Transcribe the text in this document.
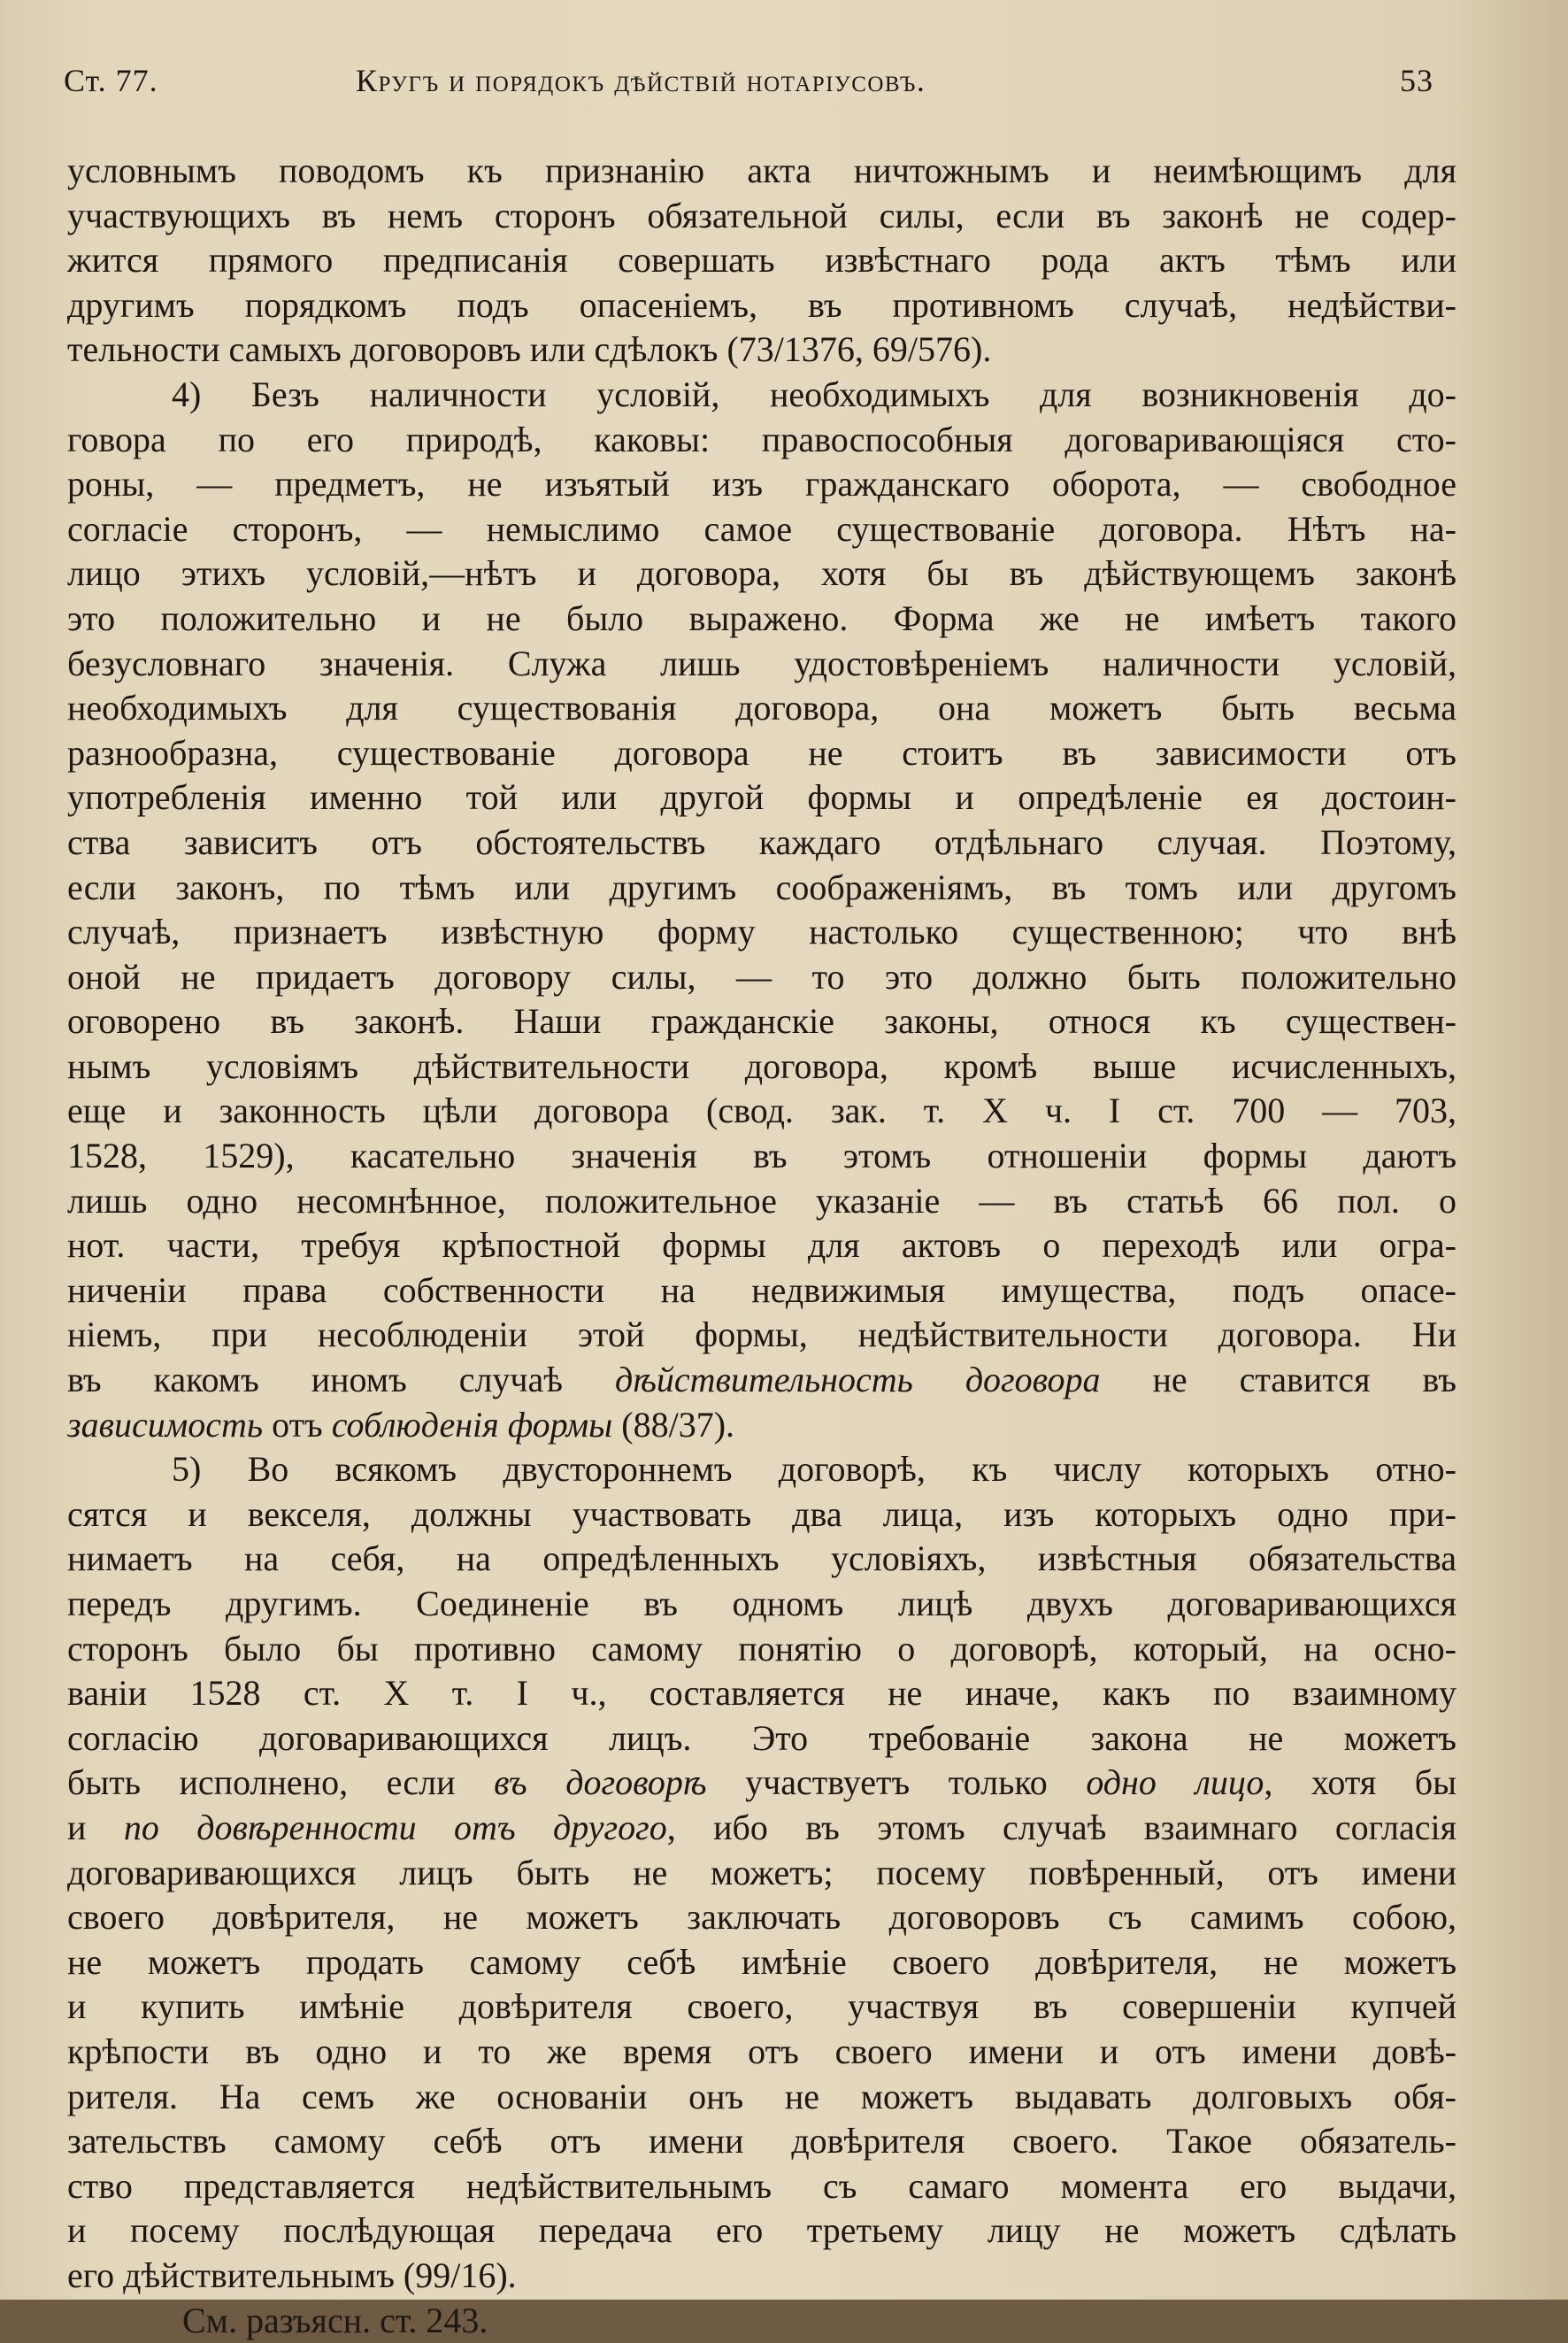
Ст. 77.	Кругъ и порядокъ дѣйствій нотаріусовъ.	53
условнымъ поводомъ къ признанію акта ничтожнымъ и неимѣющимъ для
участвующихъ въ немъ сторонъ обязательной силы, если въ законѣ не содер-
жится прямого предписанія совершать извѣстнаго рода актъ тѣмъ или
другимъ порядкомъ подъ опасеніемъ, въ противномъ случаѣ, недѣйстви-
тельности самыхъ договоровъ или сдѣлокъ (73/1376, 69/576).
4) Безъ наличности условій, необходимыхъ для возникновенія до-
говора по его природѣ, каковы: правоспособныя договаривающіяся сто-
роны, — предметъ, не изъятый изъ гражданскаго оборота, — свободное
согласіе сторонъ, — немыслимо самое существованіе договора. Нѣтъ на-
лицо этихъ условій,—нѣтъ и договора, хотя бы въ дѣйствующемъ законѣ
это положительно и не было выражено. Форма же не имѣетъ такого
безусловнаго значенія. Служа лишь удостовѣреніемъ наличности условій,
необходимыхъ для существованія договора, она можетъ быть весьма
разнообразна, существованіе договора не стоитъ въ зависимости отъ
употребленія именно той или другой формы и опредѣленіе ея достоин-
ства зависитъ отъ обстоятельствъ каждаго отдѣльнаго случая. Поэтому,
если законъ, по тѣмъ или другимъ соображеніямъ, въ томъ или другомъ
случаѣ, признаетъ извѣстную форму настолько существенною; что внѣ
оной не придаетъ договору силы, — то это должно быть положительно
оговорено въ законѣ. Наши гражданскіе законы, относя къ существен-
нымъ условіямъ дѣйствительности договора, кромѣ выше исчисленныхъ,
еще и законность цѣли договора (свод. зак. т. X ч. I ст. 700 — 703,
1528, 1529), касательно значенія въ этомъ отношеніи формы даютъ
лишь одно несомнѣнное, положительное указаніе — въ статьѣ 66 пол. о
нот. части, требуя крѣпостной формы для актовъ о переходѣ или огра-
ниченіи права собственности на недвижимыя имущества, подъ опасе-
ніемъ, при несоблюденіи этой формы, недѣйствительности договора. Ни
въ какомъ иномъ случаѣ дѣйствительность договора не ставится въ
зависимость отъ соблюденія формы (88/37).
5) Во всякомъ двустороннемъ договорѣ, къ числу которыхъ отно-
сятся и векселя, должны участвовать два лица, изъ которыхъ одно при-
нимаетъ на себя, на опредѣленныхъ условіяхъ, извѣстныя обязательства
передъ другимъ. Соединеніе въ одномъ лицѣ двухъ договаривающихся
сторонъ было бы противно самому понятію о договорѣ, который, на осно-
ваніи 1528 ст. X т. I ч., составляется не иначе, какъ по взаимному
согласію договаривающихся лицъ. Это требованіе закона не можетъ
быть исполнено, если въ договорѣ участвуетъ только одно лицо, хотя бы
и по довѣренности отъ другого, ибо въ этомъ случаѣ взаимнаго согласія
договаривающихся лицъ быть не можетъ; посему повѣренный, отъ имени
своего довѣрителя, не можетъ заключать договоровъ съ самимъ собою,
не можетъ продать самому себѣ имѣніе своего довѣрителя, не можетъ
и купить имѣніе довѣрителя своего, участвуя въ совершеніи купчей
крѣпости въ одно и то же время отъ своего имени и отъ имени довѣ-
рителя. На семъ же основаніи онъ не можетъ выдавать долговыхъ обя-
зательствъ самому себѣ отъ имени довѣрителя своего. Такое обязатель-
ство представляется недѣйствительнымъ съ самаго момента его выдачи,
и посему послѣдующая передача его третьему лицу не можетъ сдѣлать
его дѣйствительнымъ (99/16).
См. разъясн. ст. 243.
